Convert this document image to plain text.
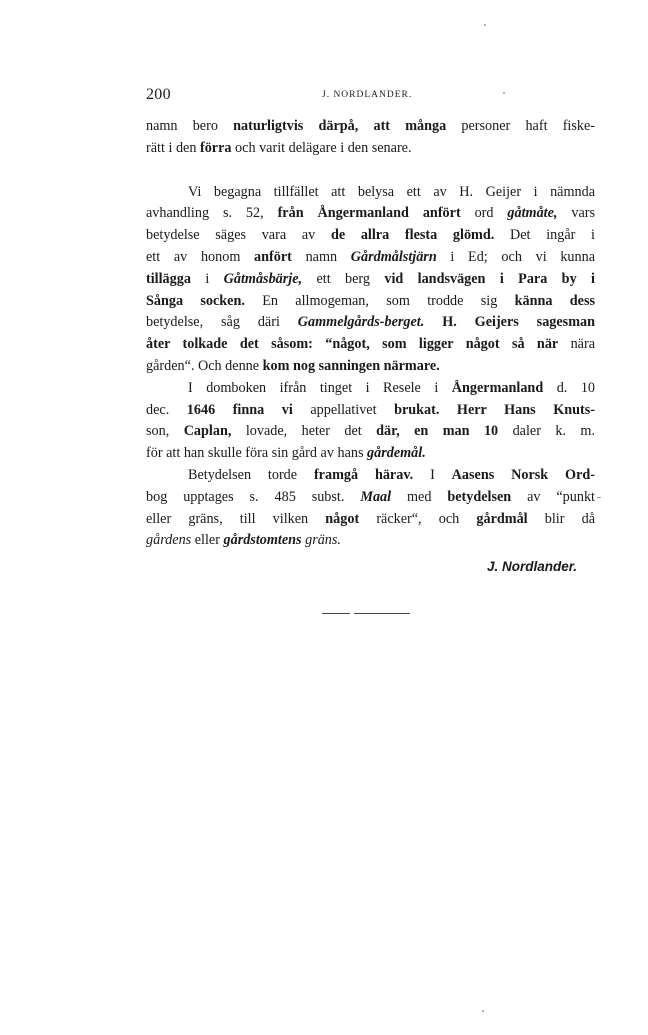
200	J. NORDLANDER.
namn bero naturligtvis därpå, att många personer haft fiske-
rätt i den förra och varit delägare i den senare.
Vi begagna tillfället att belysa ett av H. Geijer i nämnda
avhandling s. 52, från Ångermanland anfört ord gåtmåte, vars
betydelse säges vara av de allra flesta glömd. Det ingår i
ett av honom anfört namn Gårdmålstjärn i Ed; och vi kunna
tillägga i Gåtmåsbärje, ett berg vid landsvägen i Para by i
Sånga socken. En allmogeman, som trodde sig känna dess
betydelse, såg däri Gammelgårds-berget. H. Geijers sagesman
åter tolkade det såsom: “något, som ligger något så när nära
gården“. Och denne kom nog sanningen närmare.
I domboken ifrån tinget i Resele i Ångermanland d. 10
dec. 1646 finna vi appellativet brukat. Herr Hans Knuts-
son, Caplan, lovade, heter det där, en man 10 daler k. m.
för att han skulle föra sin gård av hans gårdemål.
Betydelsen torde framgå härav. I Aasens Norsk Ord-
bog upptages s. 485 subst. Maal med betydelsen av “punkt
eller gräns, till vilken något räcker“, och gårdmål blir då
gårdens eller gårdstomtens gräns.
J. Nordlander.
